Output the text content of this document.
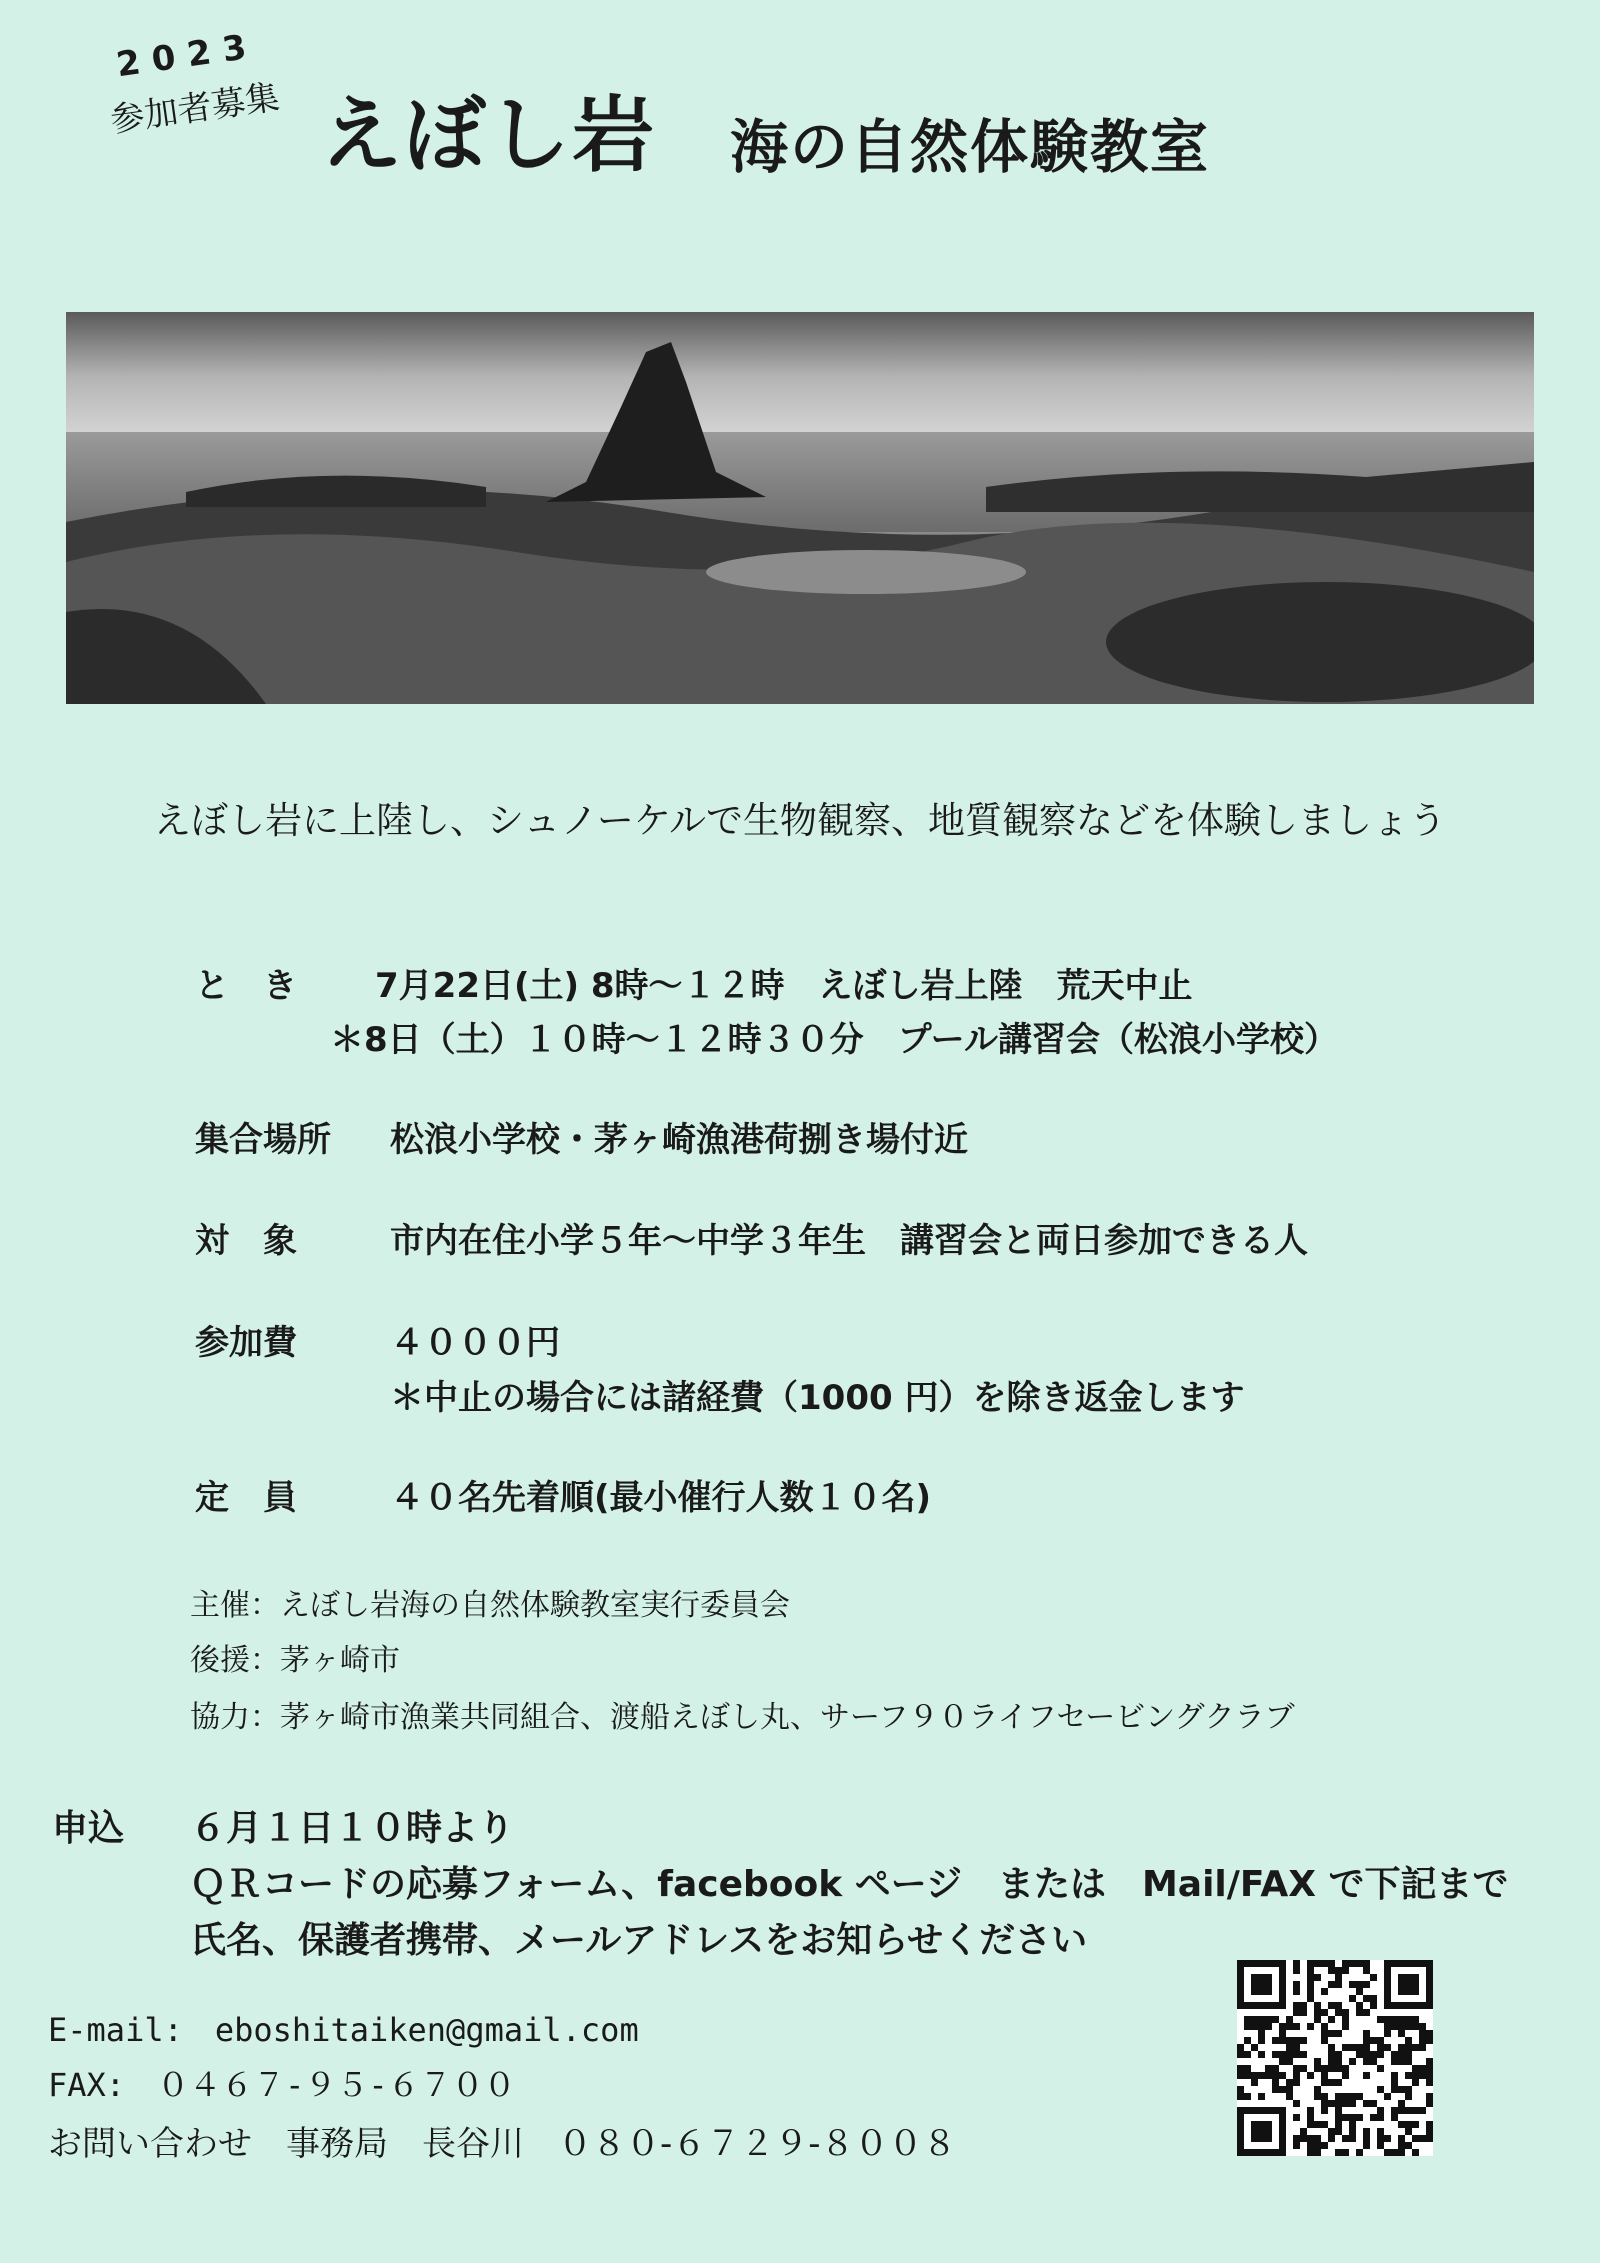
2023
参加者募集 えぼし岩 海の自然体験教室
えぼし岩に上陸し、シュノーケルで生物観察、地質観察などを体験しましょう
と　き 7月22日(土) 8時～１２時　えぼし岩上陸　荒天中止
＊8日（土）１０時～１２時３０分　プール講習会（松浪小学校）
集合場所 松浪小学校・茅ヶ崎漁港荷捌き場付近
対　象	市内在住小学５年～中学３年生　講習会と両日参加できる人
参加費	４０００円
＊中止の場合には諸経費（1000 円）を除き返金します
定　員	４０名先着順(最小催行人数１０名)
主催：えぼし岩海の自然体験教室実行委員会
後援：茅ヶ崎市
協力：茅ヶ崎市漁業共同組合、渡船えぼし丸、サーフ９０ライフセービングクラブ
申込 ６月１日１０時より
ＱＲコードの応募フォーム、facebook ページ　または　Mail/FAX で下記まで
氏名、保護者携帯、メールアドレスをお知らせください
E-mail:　eboshitaiken@gmail.com
FAX:　０４６７-９５-６７００
お問い合わせ　事務局　長谷川　０８０-６７２９-８００８
